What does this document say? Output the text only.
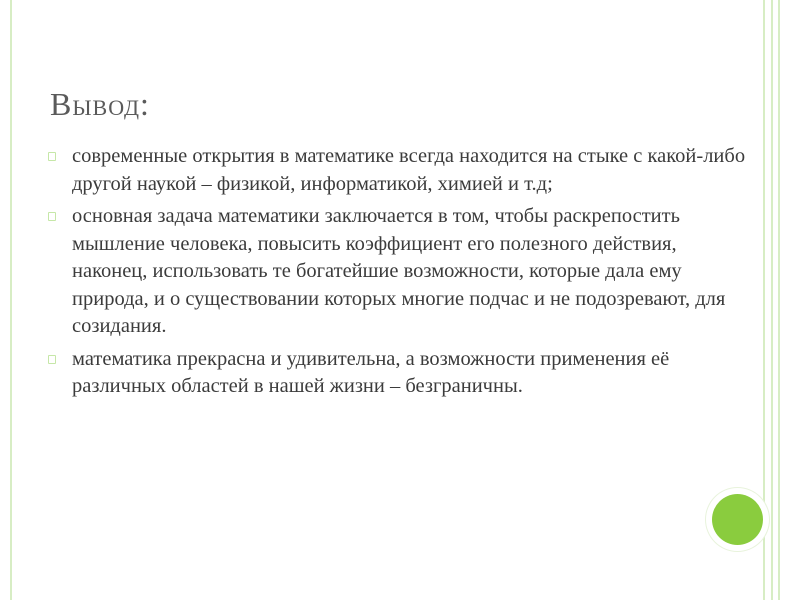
Вывод:
современные открытия в математике всегда находится на стыке с какой-либо другой наукой – физикой, информатикой, химией и т.д;
основная задача математики заключается в том, чтобы раскрепостить мышление человека, повысить коэффициент его полезного действия, наконец, использовать те богатейшие возможности, которые дала ему природа, и о существовании которых многие подчас и не подозревают, для созидания.
математика прекрасна и удивительна, а возможности применения её различных областей в нашей жизни – безграничны.
